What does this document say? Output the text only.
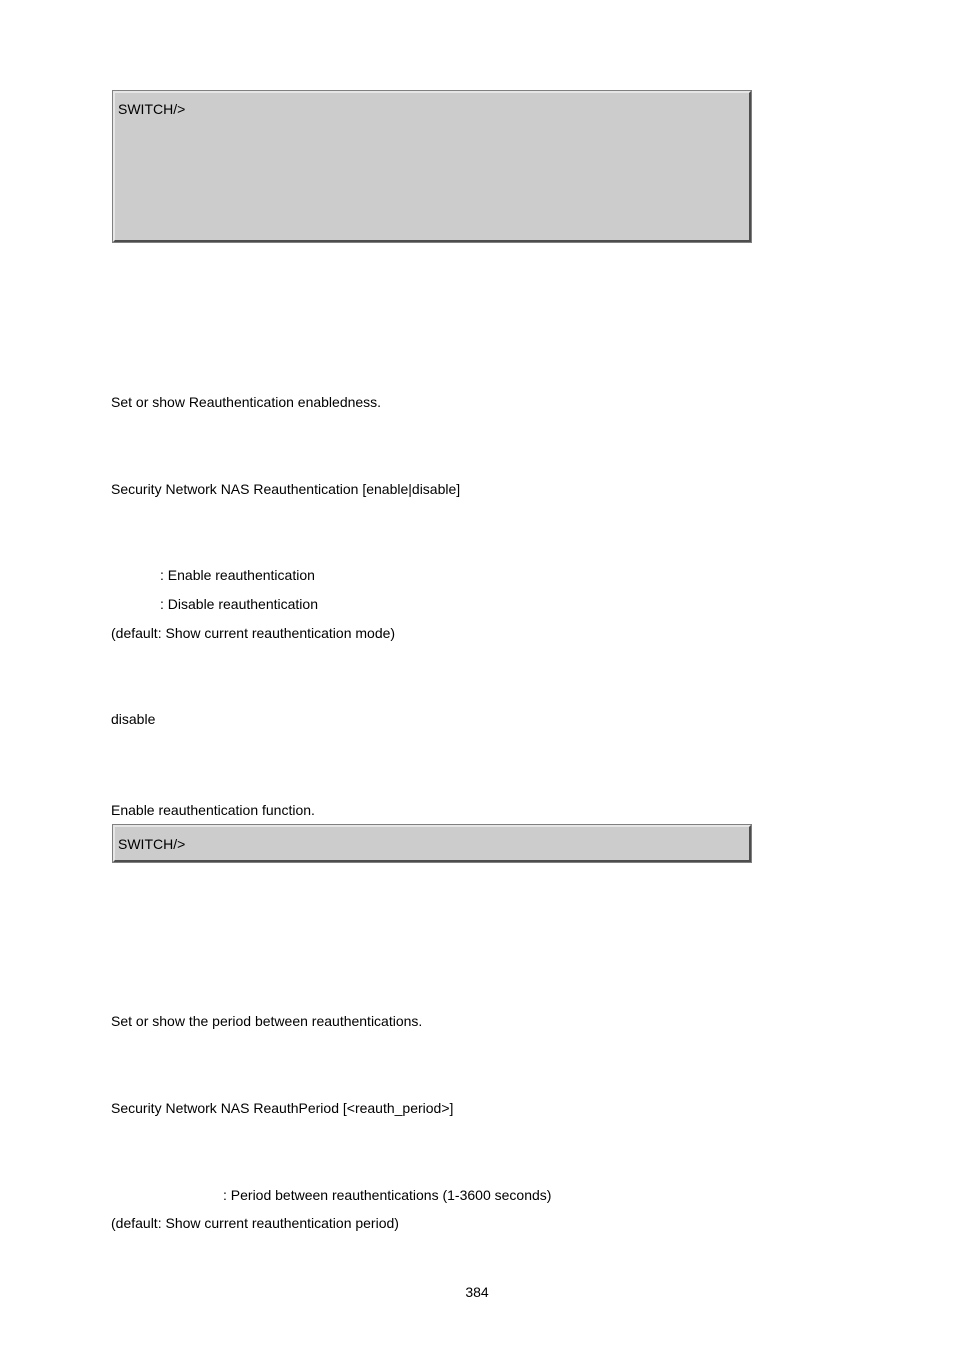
SWITCH/>
Set or show Reauthentication enabledness.
Security Network NAS Reauthentication [enable|disable]
: Enable reauthentication
: Disable reauthentication
(default: Show current reauthentication mode)
disable
Enable reauthentication function.
SWITCH/>
Set or show the period between reauthentications.
Security Network NAS ReauthPeriod [<reauth_period>]
: Period between reauthentications (1-3600 seconds)
(default: Show current reauthentication period)
384
